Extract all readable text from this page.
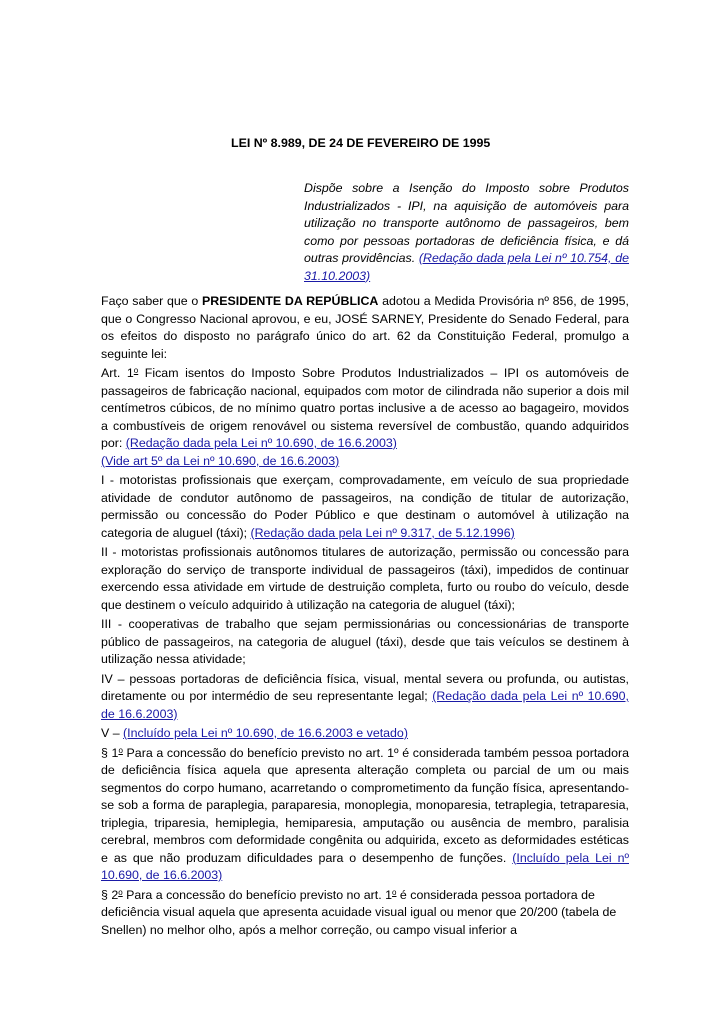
LEI Nº 8.989, DE 24 DE FEVEREIRO DE 1995
Dispõe sobre a Isenção do Imposto sobre Produtos Industrializados - IPI, na aquisição de automóveis para utilização no transporte autônomo de passageiros, bem como por pessoas portadoras de deficiência física, e dá outras providências. (Redação dada pela Lei nº 10.754, de 31.10.2003)

Faço saber que o PRESIDENTE DA REPÚBLICA adotou a Medida Provisória nº 856, de 1995, que o Congresso Nacional aprovou, e eu, JOSÉ SARNEY, Presidente do Senado Federal, para os efeitos do disposto no parágrafo único do art. 62 da Constituição Federal, promulgo a seguinte lei:

Art. 1$^o$ Ficam isentos do Imposto Sobre Produtos Industrializados – IPI os automóveis de passageiros de fabricação nacional, equipados com motor de cilindrada não superior a dois mil centímetros cúbicos, de no mínimo quatro portas inclusive a de acesso ao bagageiro, movidos a combustíveis de origem renovável ou sistema reversível de combustão, quando adquiridos por: (Redação dada pela Lei nº 10.690, de 16.6.2003)
(Vide art 5º da Lei nº 10.690, de 16.6.2003)

I - motoristas profissionais que exerçam, comprovadamente, em veículo de sua propriedade atividade de condutor autônomo de passageiros, na condição de titular de autorização, permissão ou concessão do Poder Público e que destinam o automóvel à utilização na categoria de aluguel (táxi); (Redação dada pela Lei nº 9.317, de 5.12.1996)

II - motoristas profissionais autônomos titulares de autorização, permissão ou concessão para exploração do serviço de transporte individual de passageiros (táxi), impedidos de continuar exercendo essa atividade em virtude de destruição completa, furto ou roubo do veículo, desde que destinem o veículo adquirido à utilização na categoria de aluguel (táxi);

III - cooperativas de trabalho que sejam permissionárias ou concessionárias de transporte público de passageiros, na categoria de aluguel (táxi), desde que tais veículos se destinem à utilização nessa atividade;

IV – pessoas portadoras de deficiência física, visual, mental severa ou profunda, ou autistas, diretamente ou por intermédio de seu representante legal; (Redação dada pela Lei nº 10.690, de 16.6.2003)

V – (Incluído pela Lei nº 10.690, de 16.6.2003 e vetado)

§ 1$^o$ Para a concessão do benefício previsto no art. 1º é considerada também pessoa portadora de deficiência física aquela que apresenta alteração completa ou parcial de um ou mais segmentos do corpo humano, acarretando o comprometimento da função física, apresentando-se sob a forma de paraplegia, paraparesia, monoplegia, monoparesia, tetraplegia, tetraparesia, triplegia, triparesia, hemiplegia, hemiparesia, amputação ou ausência de membro, paralisia cerebral, membros com deformidade congênita ou adquirida, exceto as deformidades estéticas e as que não produzam dificuldades para o desempenho de funções. (Incluído pela Lei nº 10.690, de 16.6.2003)

§ 2$^o$ Para a concessão do benefício previsto no art. 1$^o$ é considerada pessoa portadora de deficiência visual aquela que apresenta acuidade visual igual ou menor que 20/200 (tabela de Snellen) no melhor olho, após a melhor correção, ou campo visual inferior a
